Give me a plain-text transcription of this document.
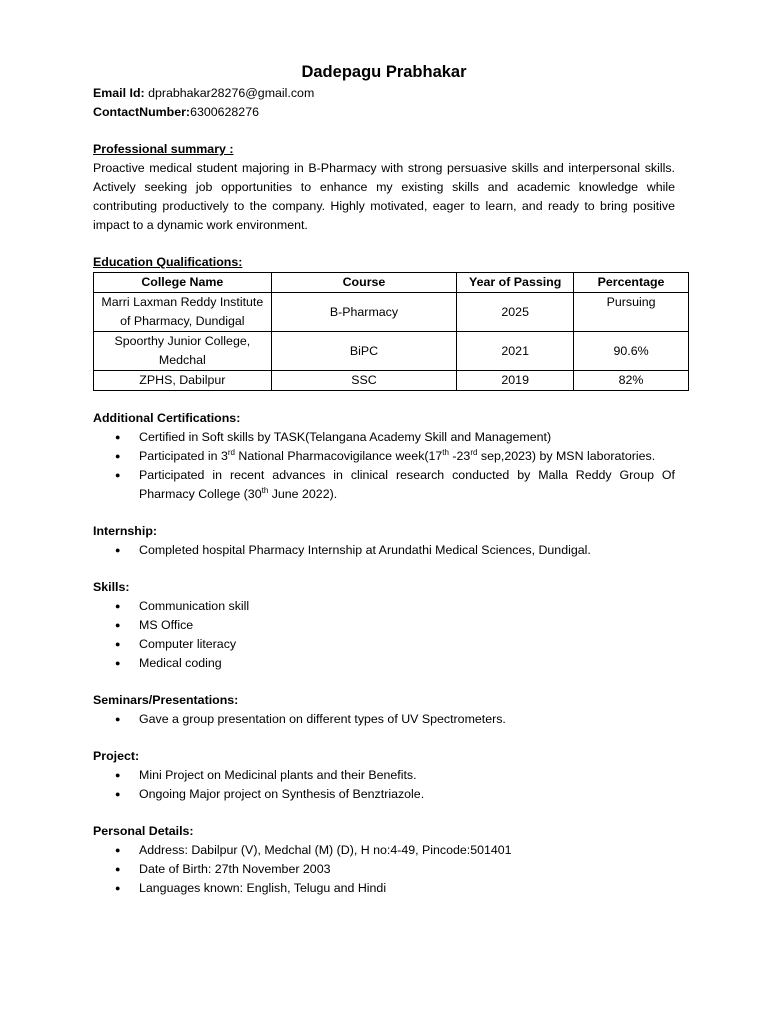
Dadepagu Prabhakar
Email Id: dprabhakar28276@gmail.com
ContactNumber:6300628276
Professional summary :
Proactive medical student majoring in B-Pharmacy with strong persuasive skills and interpersonal skills. Actively seeking job opportunities to enhance my existing skills and academic knowledge while contributing productively to the company. Highly motivated, eager to learn, and ready to bring positive impact to a dynamic work environment.
Education Qualifications:
College Name	Course	Year of Passing	Percentage
Marri Laxman Reddy Institute of Pharmacy, Dundigal	B-Pharmacy	2025	Pursuing
Spoorthy Junior College, Medchal	BiPC	2021	90.6%
ZPHS, Dabilpur	SSC	2019	82%
Additional Certifications:
● Certified in Soft skills by TASK(Telangana Academy Skill and Management)
● Participated in 3rd National Pharmacovigilance week(17th -23rd sep,2023) by MSN laboratories.
● Participated in recent advances in clinical research conducted by Malla Reddy Group Of Pharmacy College (30th June 2022).
Internship:
● Completed hospital Pharmacy Internship at Arundathi Medical Sciences, Dundigal.
Skills:
● Communication skill
● MS Office
● Computer literacy
● Medical coding
Seminars/Presentations:
● Gave a group presentation on different types of UV Spectrometers.
Project:
● Mini Project on Medicinal plants and their Benefits.
● Ongoing Major project on Synthesis of Benztriazole.
Personal Details:
● Address: Dabilpur (V), Medchal (M) (D), H no:4-49, Pincode:501401
● Date of Birth: 27th November 2003
● Languages known: English, Telugu and Hindi
